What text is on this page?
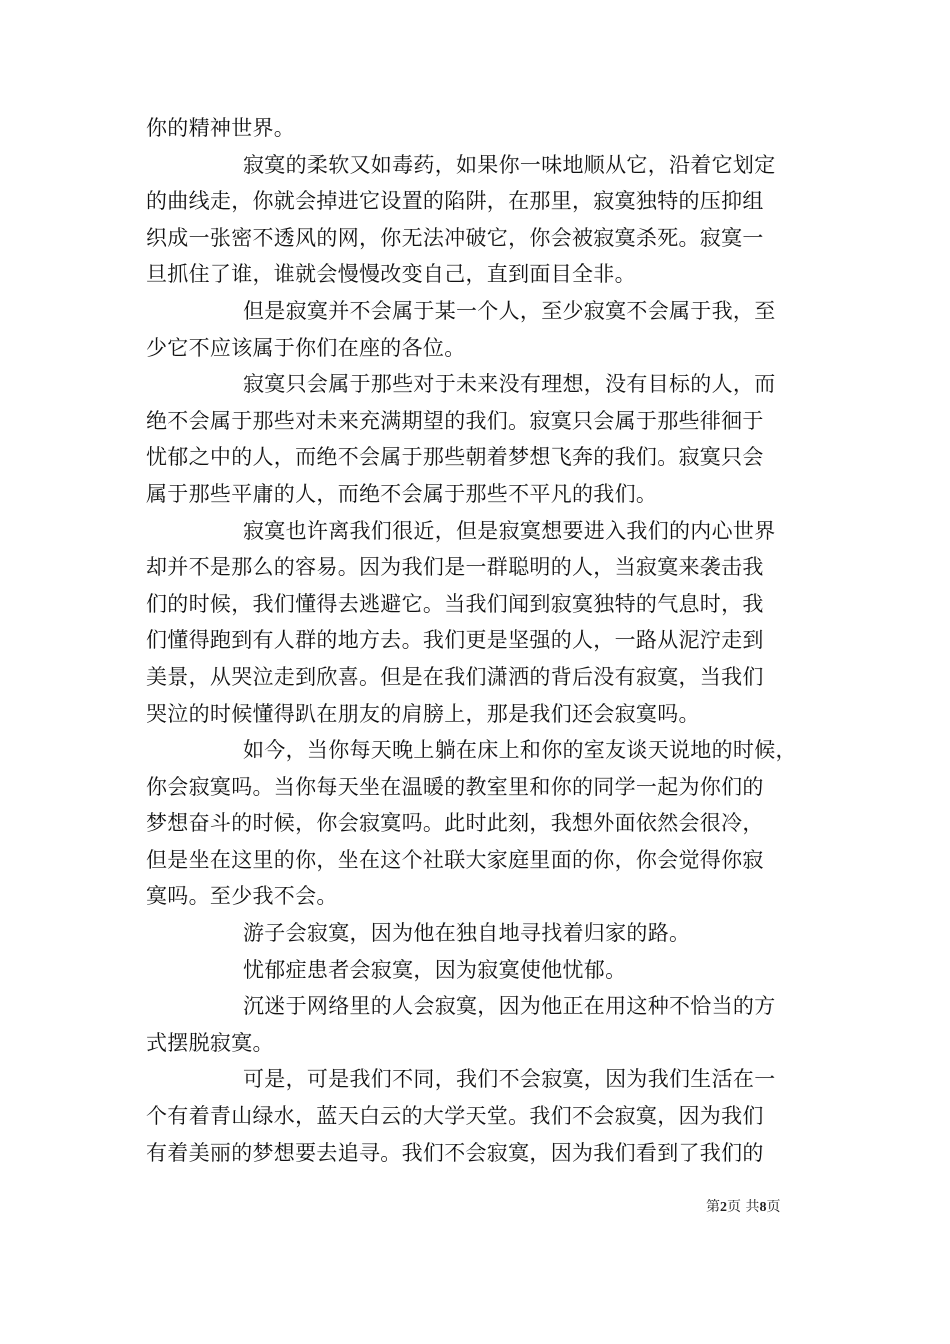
你的精神世界。
寂寞的柔软又如毒药，如果你一味地顺从它，沿着它划定
的曲线走，你就会掉进它设置的陷阱，在那里，寂寞独特的压抑组
织成一张密不透风的网，你无法冲破它，你会被寂寞杀死。寂寞一
旦抓住了谁，谁就会慢慢改变自己，直到面目全非。
但是寂寞并不会属于某一个人，至少寂寞不会属于我，至
少它不应该属于你们在座的各位。
寂寞只会属于那些对于未来没有理想，没有目标的人，而
绝不会属于那些对未来充满期望的我们。寂寞只会属于那些徘徊于
忧郁之中的人，而绝不会属于那些朝着梦想飞奔的我们。寂寞只会
属于那些平庸的人，而绝不会属于那些不平凡的我们。
寂寞也许离我们很近，但是寂寞想要进入我们的内心世界
却并不是那么的容易。因为我们是一群聪明的人，当寂寞来袭击我
们的时候，我们懂得去逃避它。当我们闻到寂寞独特的气息时，我
们懂得跑到有人群的地方去。我们更是坚强的人，一路从泥泞走到
美景，从哭泣走到欣喜。但是在我们潇洒的背后没有寂寞，当我们
哭泣的时候懂得趴在朋友的肩膀上，那是我们还会寂寞吗。
如今，当你每天晚上躺在床上和你的室友谈天说地的时候，
你会寂寞吗。当你每天坐在温暖的教室里和你的同学一起为你们的
梦想奋斗的时候，你会寂寞吗。此时此刻，我想外面依然会很冷，
但是坐在这里的你，坐在这个社联大家庭里面的你，你会觉得你寂
寞吗。至少我不会。
游子会寂寞，因为他在独自地寻找着归家的路。
忧郁症患者会寂寞，因为寂寞使他忧郁。
沉迷于网络里的人会寂寞，因为他正在用这种不恰当的方
式摆脱寂寞。
可是，可是我们不同，我们不会寂寞，因为我们生活在一
个有着青山绿水，蓝天白云的大学天堂。我们不会寂寞，因为我们
有着美丽的梦想要去追寻。我们不会寂寞，因为我们看到了我们的
第2页 共8页
